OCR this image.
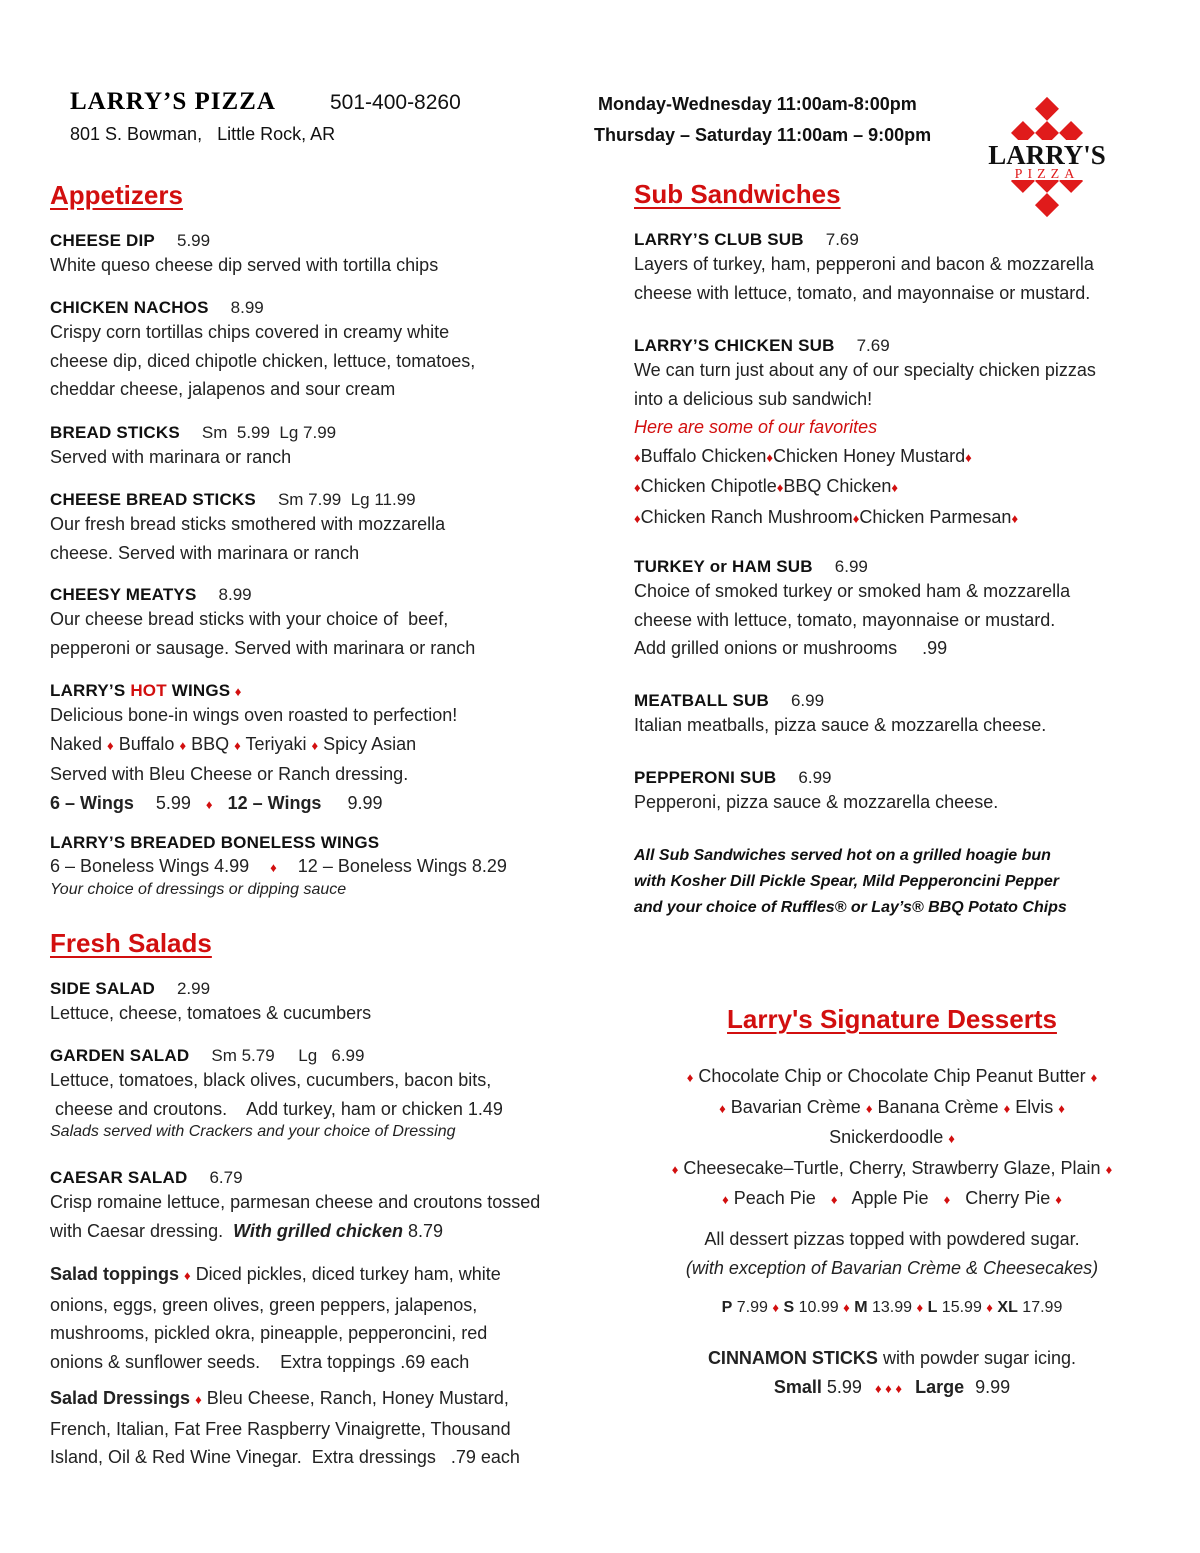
LARRY’S PIZZA	501-400-8260
801 S. Bowman,   Little Rock, AR
Monday-Wednesday 11:00am-8:00pm
Thursday – Saturday 11:00am – 9:00pm
LARRY'S
PIZZA
Appetizers
CHEESE DIP 5.99
White queso cheese dip served with tortilla chips
CHICKEN NACHOS 8.99
Crispy corn tortillas chips covered in creamy white
cheese dip, diced chipotle chicken, lettuce, tomatoes,
cheddar cheese, jalapenos and sour cream
BREAD STICKS Sm  5.99  Lg 7.99
Served with marinara or ranch
CHEESE BREAD STICKS Sm 7.99  Lg 11.99
Our fresh bread sticks smothered with mozzarella
cheese. Served with marinara or ranch
CHEESY MEATYS 8.99
Our cheese bread sticks with your choice of  beef,
pepperoni or sausage. Served with marinara or ranch
LARRY’S HOT WINGS ♦
Delicious bone-in wings oven roasted to perfection!
Naked ♦ Buffalo ♦ BBQ ♦ Teriyaki ♦ Spicy Asian
Served with Bleu Cheese or Ranch dressing.
6 – Wings 5.99 ♦ 12 – Wings 9.99
LARRY’S BREADED BONELESS WINGS
6 – Boneless Wings 4.99 ♦ 12 – Boneless Wings 8.29
Your choice of dressings or dipping sauce
Fresh Salads
SIDE SALAD 2.99
Lettuce, cheese, tomatoes & cucumbers
GARDEN SALAD Sm 5.79     Lg   6.99
Lettuce, tomatoes, black olives, cucumbers, bacon bits,
cheese and croutons.    Add turkey, ham or chicken 1.49
Salads served with Crackers and your choice of Dressing
CAESAR SALAD 6.79
Crisp romaine lettuce, parmesan cheese and croutons tossed
with Caesar dressing.  With grilled chicken 8.79
Salad toppings ♦ Diced pickles, diced turkey ham, white
onions, eggs, green olives, green peppers, jalapenos,
mushrooms, pickled okra, pineapple, pepperoncini, red
onions & sunflower seeds.    Extra toppings .69 each
Salad Dressings ♦ Bleu Cheese, Ranch, Honey Mustard,
French, Italian, Fat Free Raspberry Vinaigrette, Thousand
Island, Oil & Red Wine Vinegar.  Extra dressings   .79 each
Sub Sandwiches
LARRY’S CLUB SUB 7.69
Layers of turkey, ham, pepperoni and bacon & mozzarella
cheese with lettuce, tomato, and mayonnaise or mustard.
LARRY’S CHICKEN SUB 7.69
We can turn just about any of our specialty chicken pizzas
into a delicious sub sandwich!
Here are some of our favorites
♦Buffalo Chicken♦Chicken Honey Mustard♦
♦Chicken Chipotle♦BBQ Chicken♦
♦Chicken Ranch Mushroom♦Chicken Parmesan♦
TURKEY or HAM SUB 6.99
Choice of smoked turkey or smoked ham & mozzarella
cheese with lettuce, tomato, mayonnaise or mustard.
Add grilled onions or mushrooms     .99
MEATBALL SUB 6.99
Italian meatballs, pizza sauce & mozzarella cheese.
PEPPERONI SUB 6.99
Pepperoni, pizza sauce & mozzarella cheese.
All Sub Sandwiches served hot on a grilled hoagie bun
with Kosher Dill Pickle Spear, Mild Pepperoncini Pepper
and your choice of Ruffles® or Lay’s® BBQ Potato Chips
Larry's Signature Desserts
♦ Chocolate Chip or Chocolate Chip Peanut Butter ♦
♦ Bavarian Crème ♦ Banana Crème ♦ Elvis ♦
Snickerdoodle ♦
♦ Cheesecake–Turtle, Cherry, Strawberry Glaze, Plain ♦
♦ Peach Pie ♦ Apple Pie ♦ Cherry Pie ♦
All dessert pizzas topped with powdered sugar.
(with exception of Bavarian Crème & Cheesecakes)
P 7.99 ♦ S 10.99 ♦ M 13.99 ♦ L 15.99 ♦ XL 17.99
CINNAMON STICKS with powder sugar icing.
Small 5.99 ♦ ♦ ♦ Large 9.99
